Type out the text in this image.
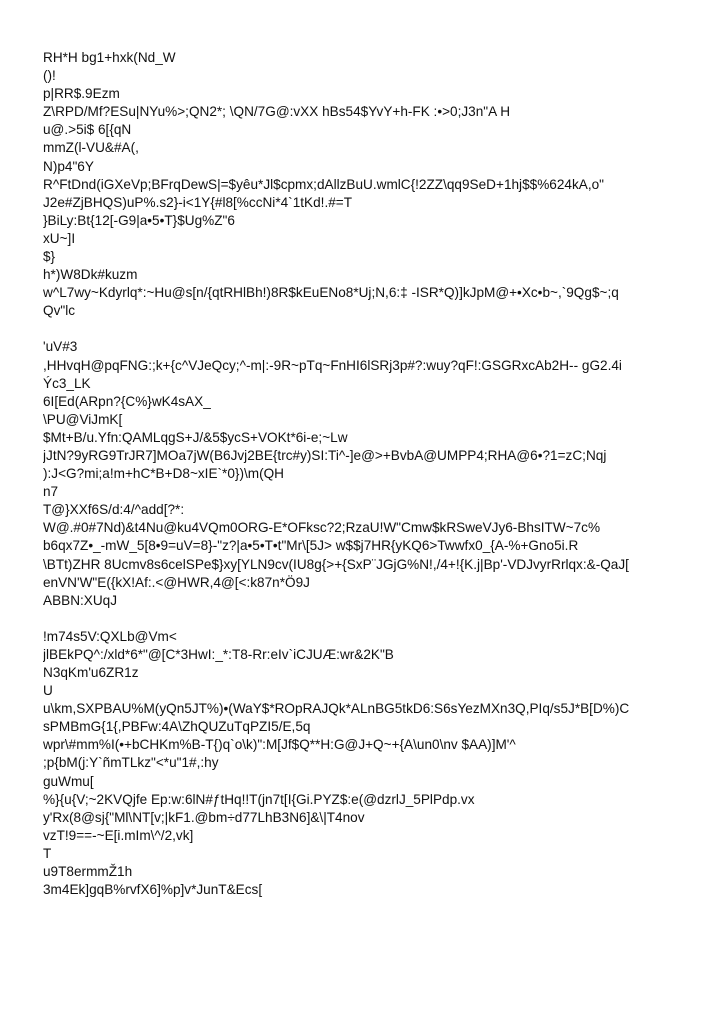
RH*H bg1+hxk(Nd_W
()!
p|RR$.9Ezm
Z\RPD/Mf?ESu|NYu%>;QN2*; \QN/7G@:vXX hBs54$YvY+h-FK :•>0;J3n"A H
u@.>5i$ 6[{qN
mmZ(l-VU&#A(,
N)p4"6Y
R^FtDnd(iGXeVp;BFrqDewS|=$yêu*Jl$cpmx;dAllzBuU.wmlC{!2ZZ\qq9SeD+1hj$$%624kA,o"
J2e#ZjBHQS)uP%.s2}-i<1Y{#l8[%ccNi*4`1tKd!.#=T
}BiLy:Bt{12[-G9|a•5•T}$Ug%Z"6
xU~]I
$}
h*)W8Dk#kuzm
w^L7wy~Kdyrlq*:~Hu@s[n/{qtRHlBh!)8R$kEuENo8*Uj;N,6:‡ -ISR*Q)]kJpM@+•Xc•b~,`9Qg$~;q
Qv"lc
'uV#3
,HHvqH@pqFNG:;k+{c^VJeQcy;^-m|:-9R~pTq~FnHI6lSRj3p#?:wuy?qF!:GSGRxcAb2H-- gG2.4i
Ýc3_LK
6I[Ed(ARpn?{C%}wK4sAX_
\PU@ViJmK[
$Mt+B/u.Yfn:QAMLqgS+J/&5$ycS+VOKt*6i-e;~Lw
jJtN?9yRG9TrJR7]MOa7jW(B6Jvj2BE{trc#y)SI:Ti^-]e@>+BvbA@UMPP4;RHA@6•?1=zC;Nqj
):J<G?mi;a!m+hC*B+D8~xIE`*0})\m(QH
n7
T@}XXf6S/d:4/^add[?*:
W@.#0#7Nd)&t4Nu@ku4VQm0ORG-E*OFksc?2;RzaU!W"Cmw$kRSweVJy6-BhsITW~7c%
b6qx7Z•_-mW_5[8•9=uV=8}-"z?|a•5•T•t"Mr\[5J> w$$j7HR{yKQ6>Twwfx0_{A-%+Gno5i.R
\BTt)ZHR 8Ucmv8s6celSPe$}xy[YLN9cv(IU8g{>+{SxP¨JGjG%N!,/4+!{K.j|Bp'-VDJvyrRrlqx:&-QaJ[
enVN'W"E({kX!Af:.<@HWR,4@[<:k87n*Ö9J
ABBN:XUqJ
!m74s5V:QXLb@Vm<
jlBEkPQ^:/xld*6*"@[C*3HwI:_*:T8-Rr:eIv`iCJUÆ:wr&2K"B
N3qKm'u6ZR1z
U
u\km,SXPBAU%M(yQn5JT%)•(WaY$*ROpRAJQk*ALnBG5tkD6:S6sYezMXn3Q,PIq/s5J*B[D%)C
sPMBmG{1{,PBFw:4A\ZhQUZuTqPZI5/E,5q
wpr\#mm%I(•+bCHKm%B-T{)q`o\k)":M[Jf$Q**H:G@J+Q~+{A\un0\nv $AA)]M'^
;p{bM(j:Y`ñmTLkz"<*u"1#,:hy
guWmu[
%}{u{V;~2KVQjfe Ep:w:6lN#ƒtHq!!T(jn7t[I{Gi.PYZ$:e(@dzrlJ_5PlPdp.vx
y'Rx(8@sj{"Ml\NT[v;|kF1.@bm÷d77LhB3N6]&\|T4nov
vzT!9==-~E[i.mIm\^/2,vk]
T
u9T8ermmŽ1h
3m4Ek]gqB%rvfX6]%p]v*JunT&Ecs[
